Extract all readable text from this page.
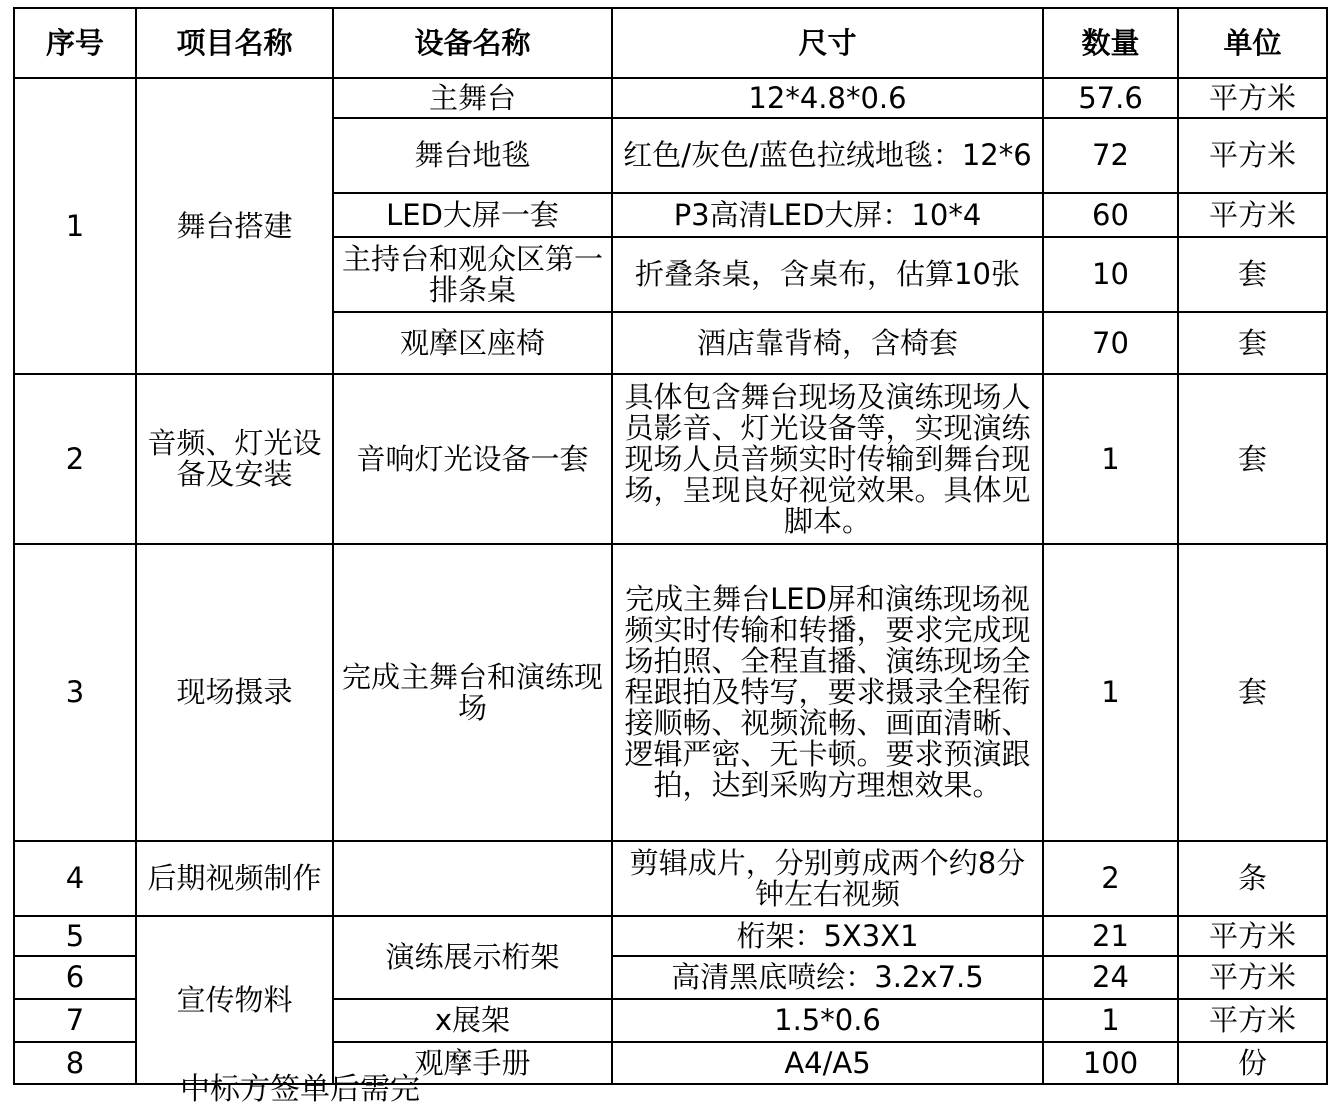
序号	项目名称	设备名称	尺寸	数量	单位
1	舞台搭建	主舞台	12*4.8*0.6	57.6	平方米
		舞台地毯	红色/灰色/蓝色拉绒地毯：12*6	72	平方米
		LED大屏一套	P3高清LED大屏：10*4	60	平方米
		主持台和观众区第一排条桌	折叠条桌，含桌布，估算10张	10	套
		观摩区座椅	酒店靠背椅，含椅套	70	套
2	音频、灯光设备及安装	音响灯光设备一套	具体包含舞台现场及演练现场人员影音、灯光设备等，实现演练现场人员音频实时传输到舞台现场，呈现良好视觉效果。具体见脚本。	1	套
3	现场摄录	完成主舞台和演练现场	完成主舞台LED屏和演练现场视频实时传输和转播，要求完成现场拍照、全程直播、演练现场全程跟拍及特写，要求摄录全程衔接顺畅、视频流畅、画面清晰、逻辑严密、无卡顿。要求预演跟拍，达到采购方理想效果。	1	套
4	后期视频制作		剪辑成片，分别剪成两个约8分钟左右视频	2	条
5	宣传物料	演练展示桁架	桁架：5X3X1	21	平方米
6			高清黑底喷绘：3.2x7.5	24	平方米
7		x展架	1.5*0.6	1	平方米
8		观摩手册	A4/A5	100	份
中标方签单后需完
